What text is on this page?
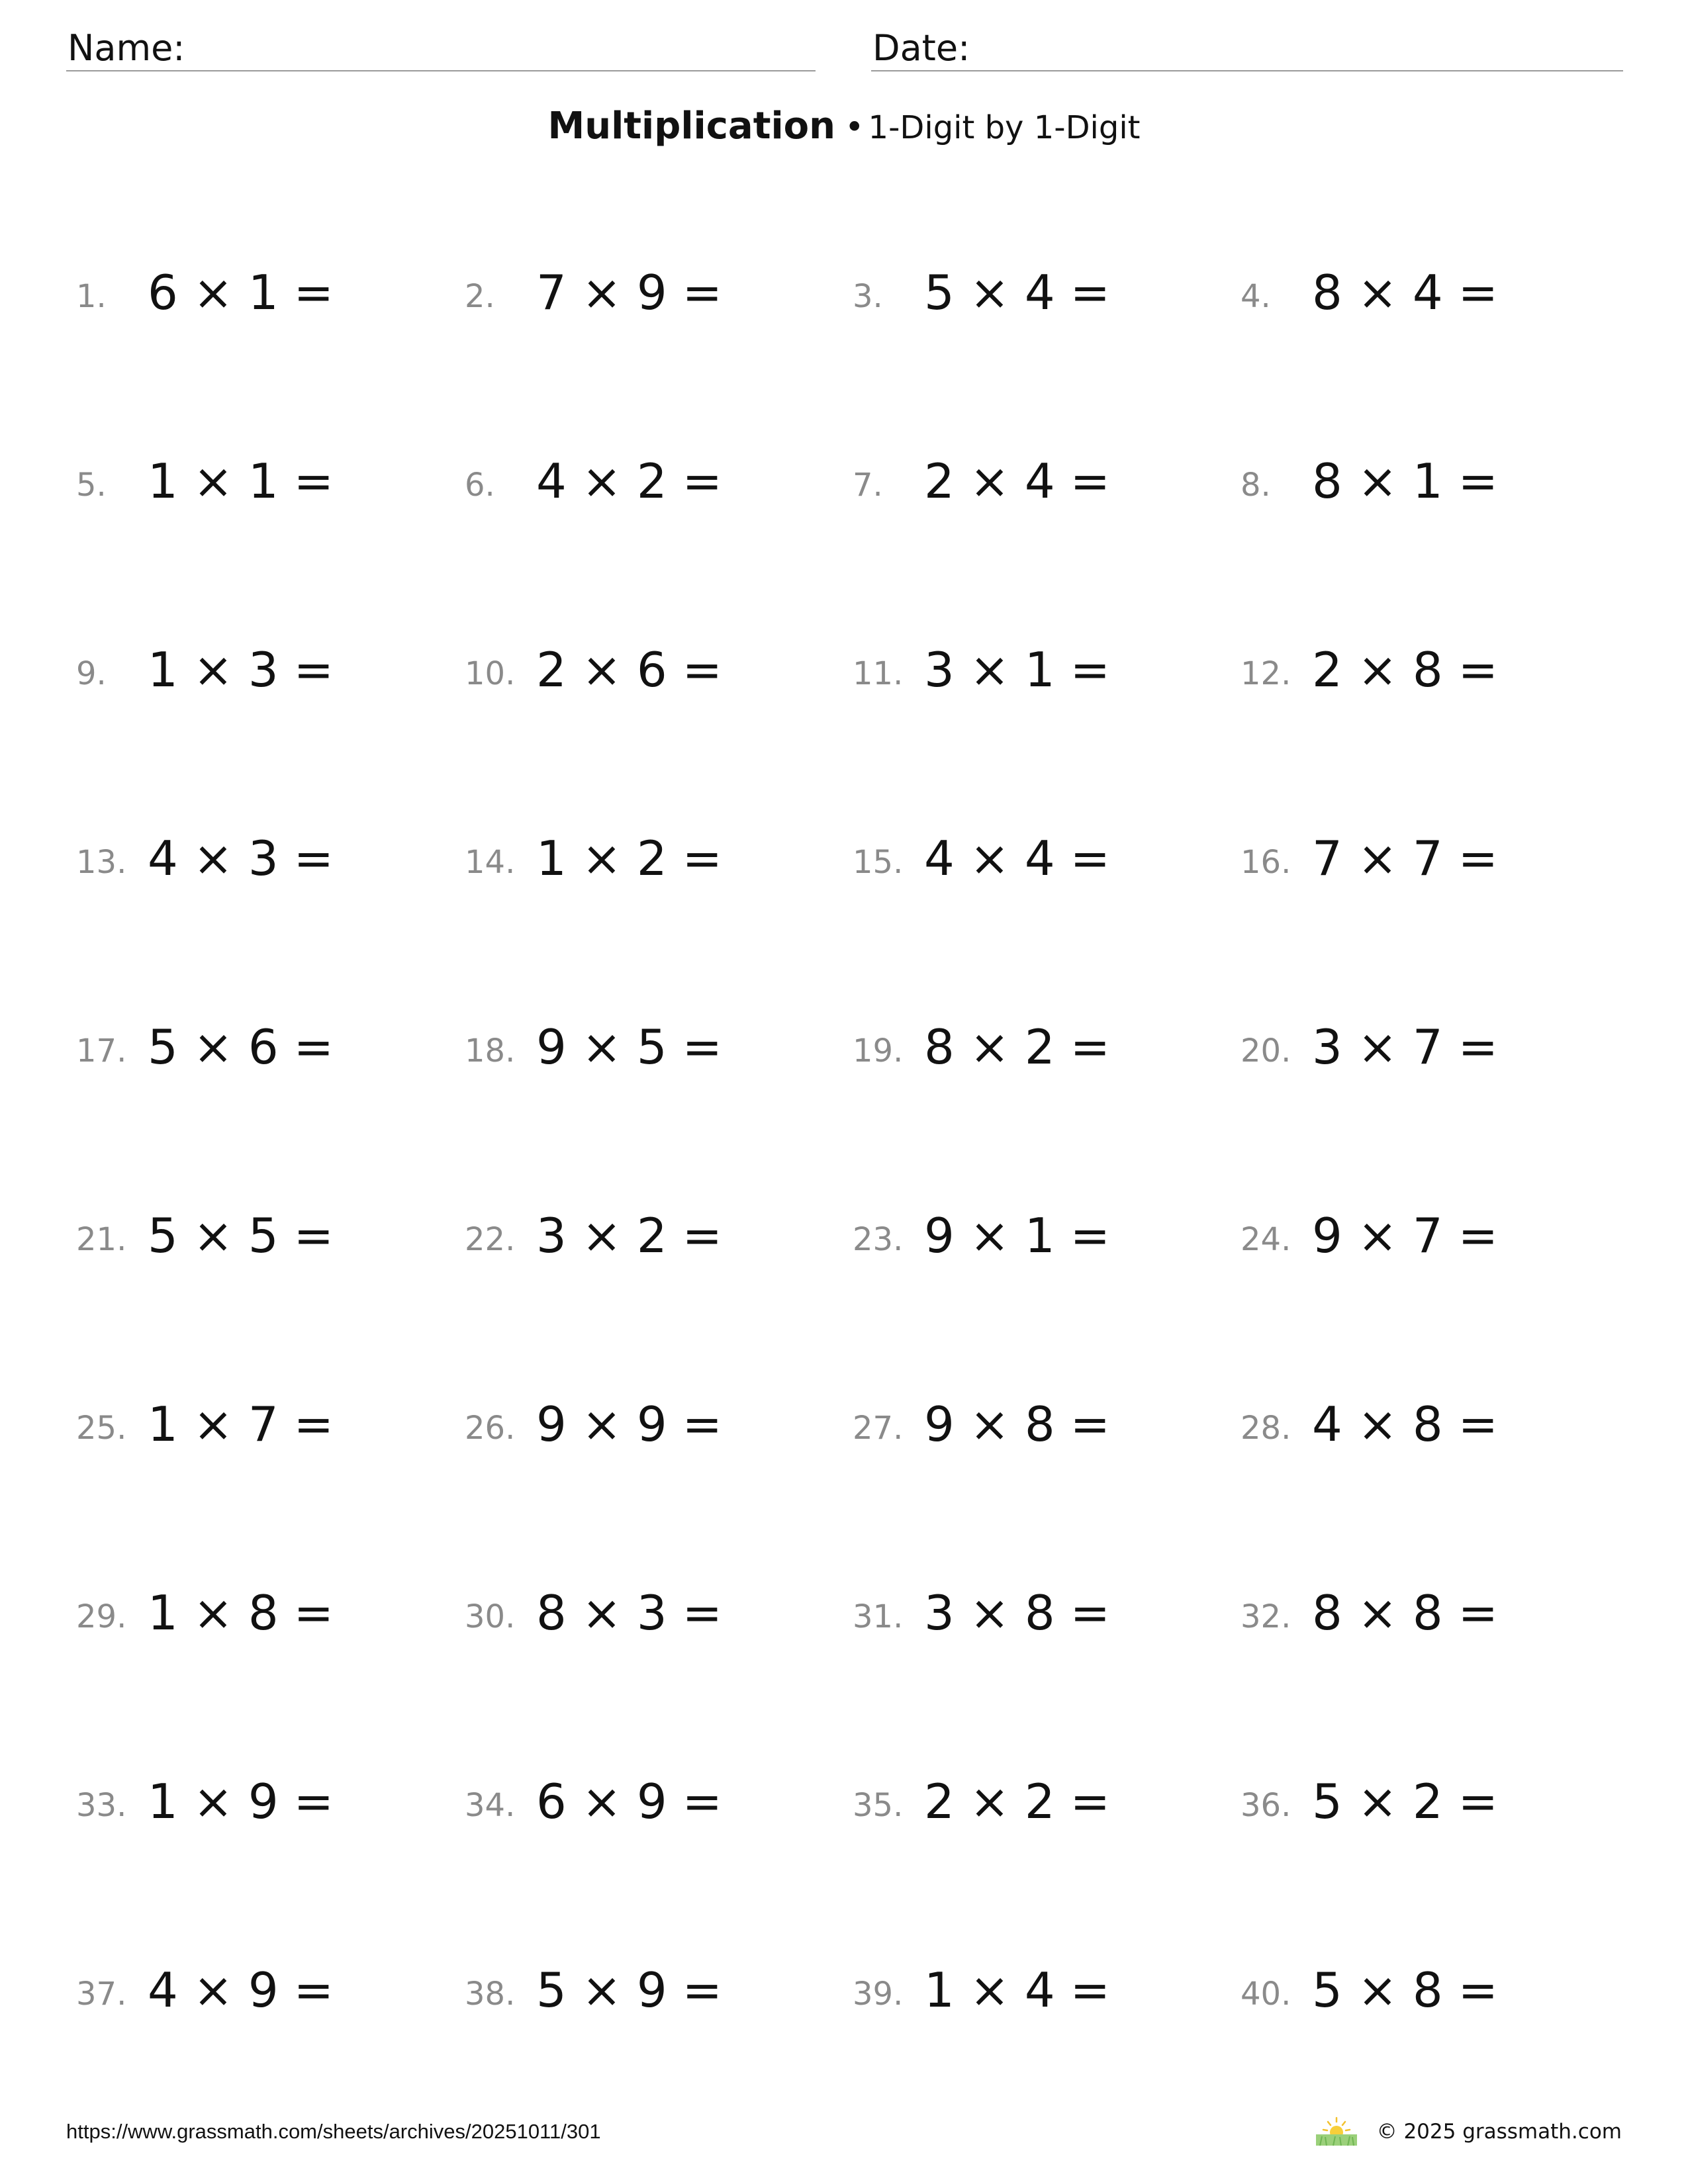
Name:	Date:
Multiplication • 1-Digit by 1-Digit
1. 6 × 1 =	2. 7 × 9 =	3. 5 × 4 =	4. 8 × 4 =
5. 1 × 1 =	6. 4 × 2 =	7. 2 × 4 =	8. 8 × 1 =
9. 1 × 3 =	10. 2 × 6 =	11. 3 × 1 =	12. 2 × 8 =
13. 4 × 3 =	14. 1 × 2 =	15. 4 × 4 =	16. 7 × 7 =
17. 5 × 6 =	18. 9 × 5 =	19. 8 × 2 =	20. 3 × 7 =
21. 5 × 5 =	22. 3 × 2 =	23. 9 × 1 =	24. 9 × 7 =
25. 1 × 7 =	26. 9 × 9 =	27. 9 × 8 =	28. 4 × 8 =
29. 1 × 8 =	30. 8 × 3 =	31. 3 × 8 =	32. 8 × 8 =
33. 1 × 9 =	34. 6 × 9 =	35. 2 × 2 =	36. 5 × 2 =
37. 4 × 9 =	38. 5 × 9 =	39. 1 × 4 =	40. 5 × 8 =
https://www.grassmath.com/sheets/archives/20251011/301	© 2025 grassmath.com
